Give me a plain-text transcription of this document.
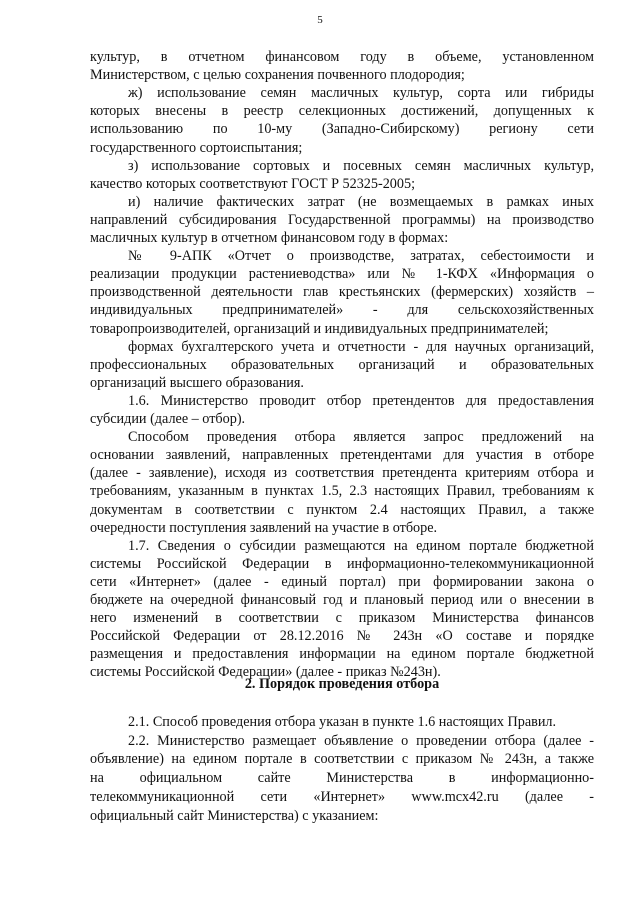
5
культур, в отчетном финансовом году в объеме, установленном
Министерством, с целью сохранения почвенного плодородия;
ж) использование семян масличных культур, сорта или гибриды
которых внесены в реестр селекционных достижений, допущенных к
использованию по 10-му (Западно-Сибирскому) региону сети
государственного сортоиспытания;
з) использование сортовых и посевных семян масличных культур,
качество которых соответствуют ГОСТ Р 52325-2005;
и) наличие фактических затрат (не возмещаемых в рамках иных
направлений субсидирования Государственной программы) на производство
масличных культур в отчетном финансовом году в формах:
№ 9-АПК «Отчет о производстве, затратах, себестоимости и
реализации продукции растениеводства» или № 1-КФХ «Информация о
производственной деятельности глав крестьянских (фермерских) хозяйств –
индивидуальных предпринимателей» - для сельскохозяйственных
товаропроизводителей, организаций и индивидуальных предпринимателей;
формах бухгалтерского учета и отчетности - для научных организаций,
профессиональных образовательных организаций и образовательных
организаций высшего образования.
1.6. Министерство проводит отбор претендентов для предоставления
субсидии (далее – отбор).
Способом проведения отбора является запрос предложений на
основании заявлений, направленных претендентами для участия в отборе
(далее - заявление), исходя из соответствия претендента критериям отбора и
требованиям, указанным в пунктах 1.5, 2.3 настоящих Правил, требованиям к
документам в соответствии с пунктом 2.4 настоящих Правил, а также
очередности поступления заявлений на участие в отборе.
1.7. Сведения о субсидии размещаются на едином портале бюджетной
системы Российской Федерации в информационно-телекоммуникационной
сети «Интернет» (далее - единый портал) при формировании закона о
бюджете на очередной финансовый год и плановый период или о внесении в
него изменений в соответствии с приказом Министерства финансов
Российской Федерации от 28.12.2016 № 243н «О составе и порядке
размещения и предоставления информации на едином портале бюджетной
системы Российской Федерации» (далее - приказ №243н).
2. Порядок проведения отбора
2.1. Способ проведения отбора указан в пункте 1.6 настоящих Правил.
2.2. Министерство размещает объявление о проведении отбора (далее -
объявление) на едином портале в соответствии с приказом № 243н, а также
на официальном сайте Министерства в информационно-
телекоммуникационной сети «Интернет» www.mcx42.ru (далее -
официальный сайт Министерства) с указанием:
